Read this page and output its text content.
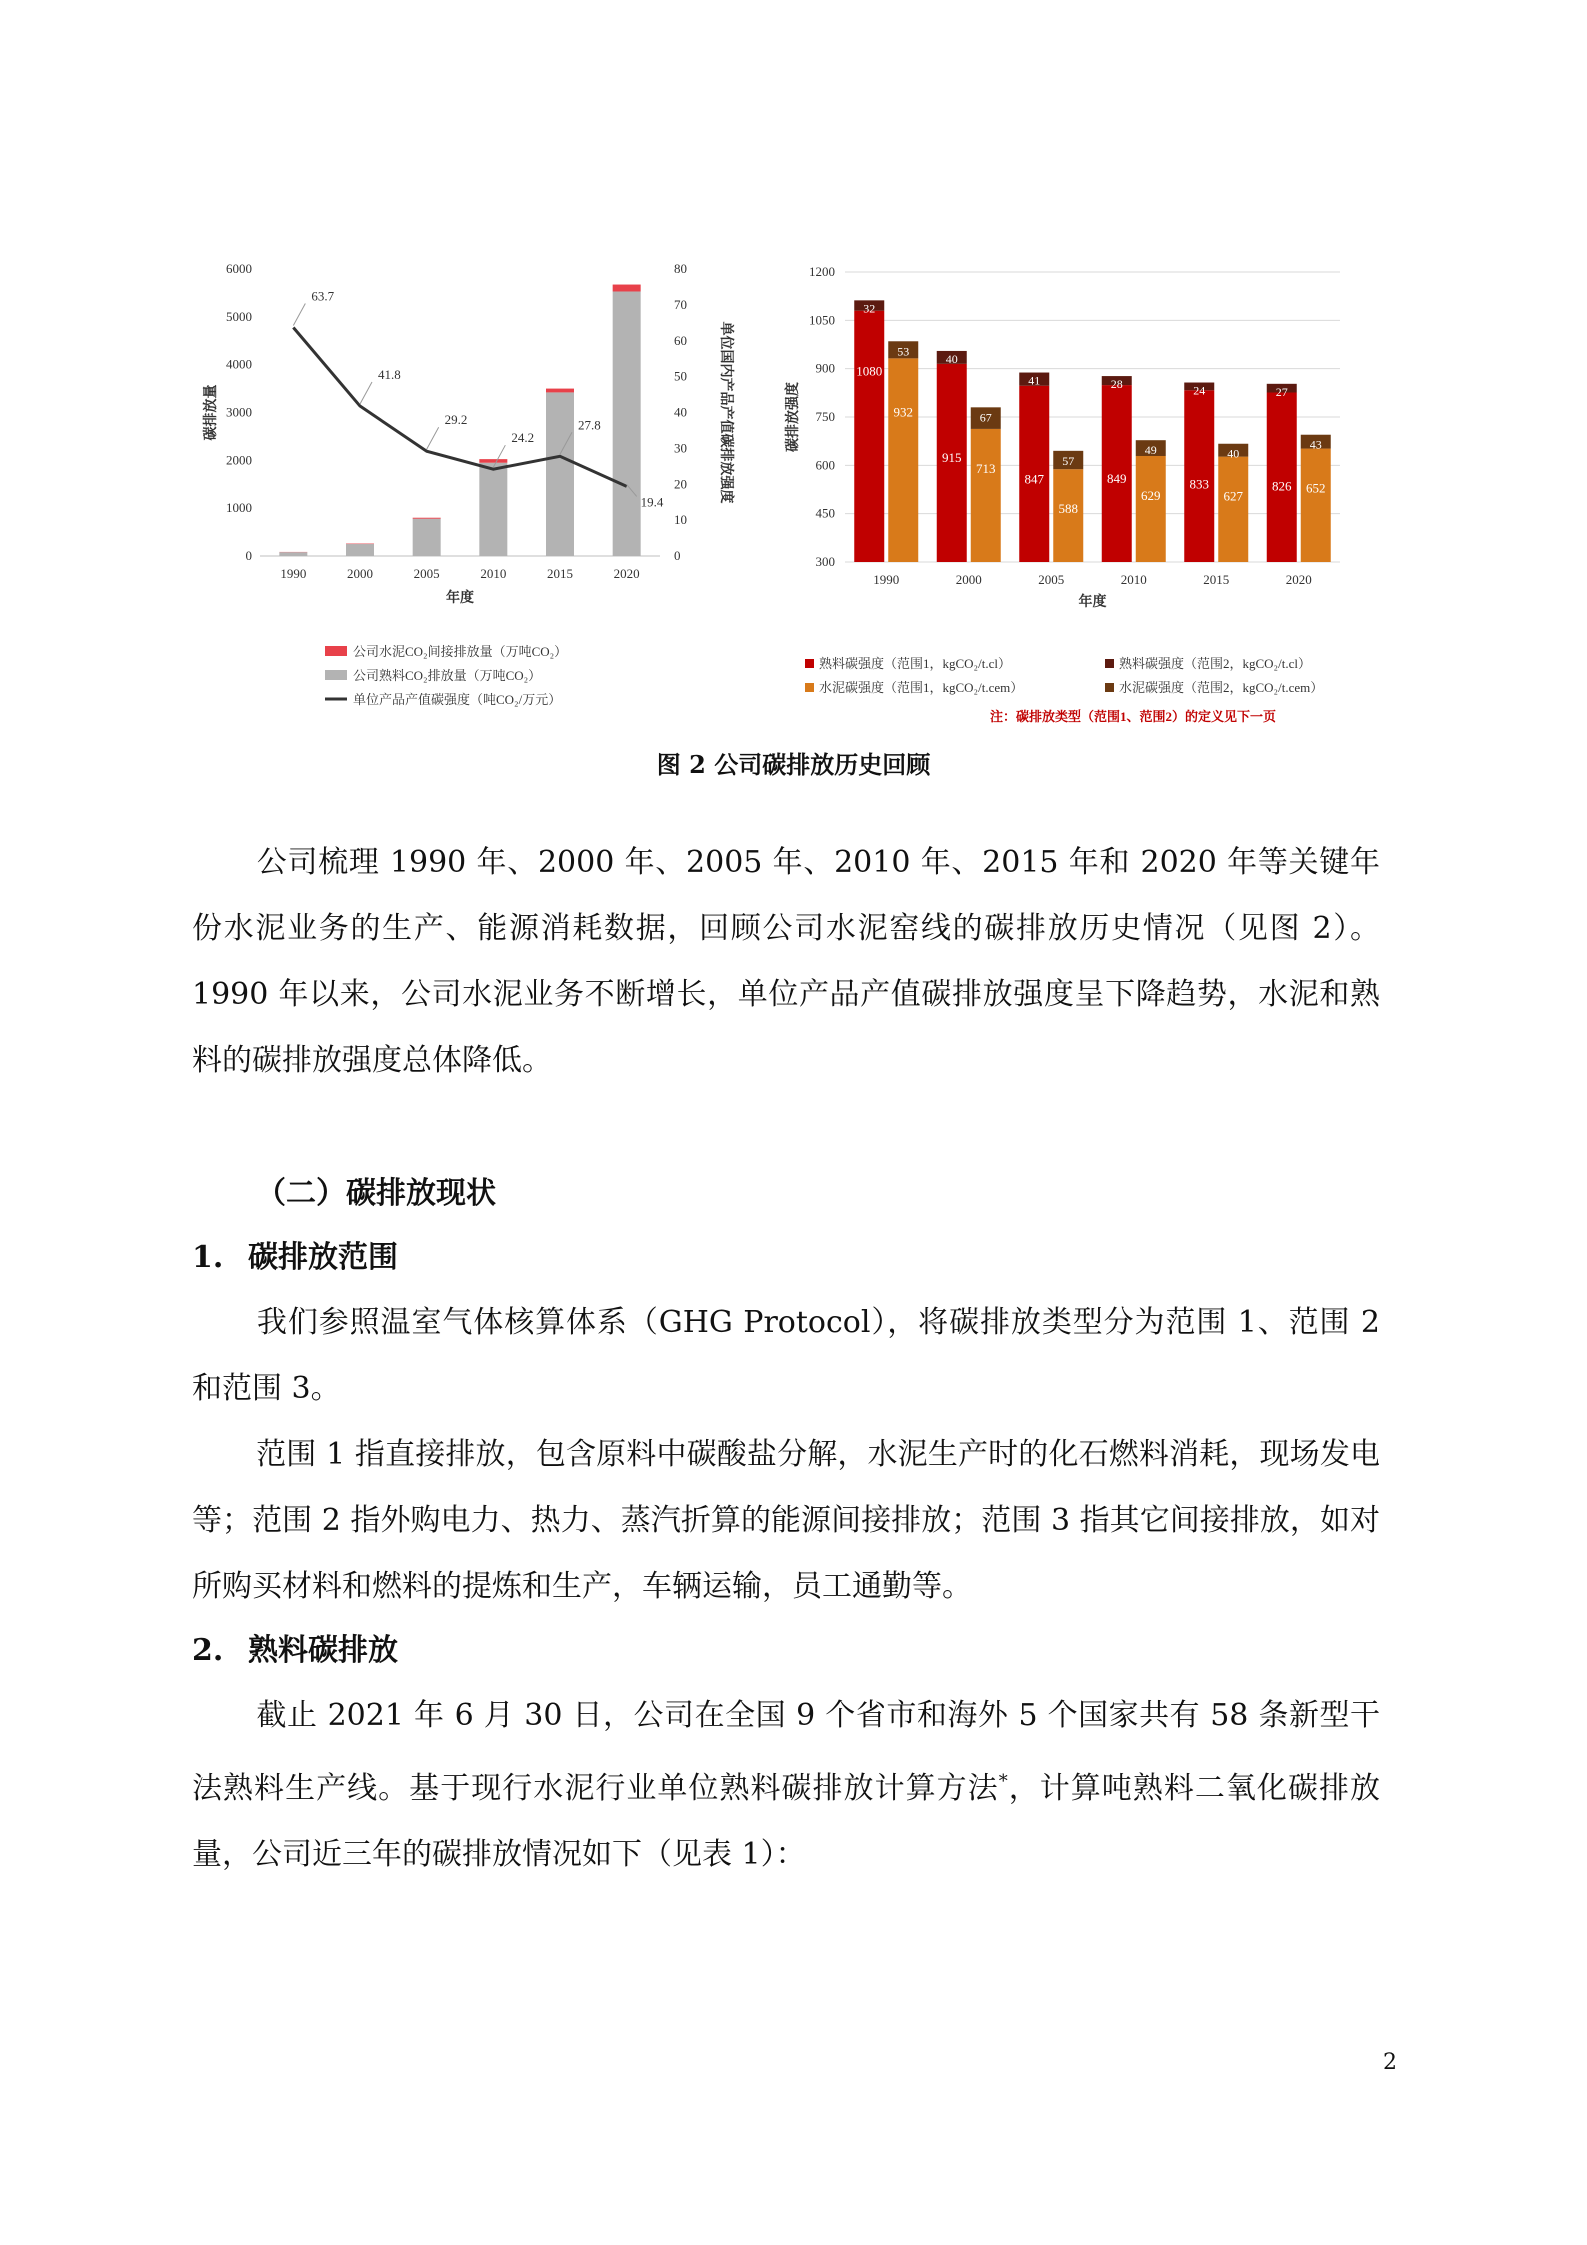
0
1000
2000
3000
4000
5000
6000
0
10
20
30
40
50
60
70
80
1990	2000	2005	2010	2015	2020
63.7
41.8
29.2
24.2
27.8
19.4
年度
碳排放量	单位国内产品产值碳排放强度
公司水泥CO₂间接排放量（万吨CO₂）
公司熟料CO₂排放量（万吨CO₂）
单位产品产值碳强度（吨CO₂/万元）
300
450
600
750
900
1050
1200
1990	2000	2005	2010	2015	2020
1080
32
932
53
915
40
713
67
847
41
588
57
849
28
629
49
833
24
627
40
826
27
652
43
年度
碳排放强度
熟料碳强度（范围1，kgCO₂/t.cl）	熟料碳强度（范围2，kgCO₂/t.cl）
水泥碳强度（范围1，kgCO₂/t.cem）	水泥碳强度（范围2，kgCO₂/t.cem）
注：碳排放类型（范围1、范围2）的定义见下一页
图 2 公司碳排放历史回顾

公司梳理 1990 年、2000 年、2005 年、2010 年、2015 年和 2020 年等关键年份水泥业务的生产、能源消耗数据，回顾公司水泥窑线的碳排放历史情况（见图 2）。1990 年以来，公司水泥业务不断增长，单位产品产值碳排放强度呈下降趋势，水泥和熟料的碳排放强度总体降低。

（二）碳排放现状

1. 碳排放范围

我们参照温室气体核算体系（GHG Protocol），将碳排放类型分为范围 1、范围 2 和范围 3。

范围 1 指直接排放，包含原料中碳酸盐分解，水泥生产时的化石燃料消耗，现场发电等；范围 2 指外购电力、热力、蒸汽折算的能源间接排放；范围 3 指其它间接排放，如对所购买材料和燃料的提炼和生产，车辆运输，员工通勤等。

2. 熟料碳排放

截止 2021 年 6 月 30 日，公司在全国 9 个省市和海外 5 个国家共有 58 条新型干法熟料生产线。基于现行水泥行业单位熟料碳排放计算方法*，计算吨熟料二氧化碳排放量，公司近三年的碳排放情况如下（见表 1）：

2
